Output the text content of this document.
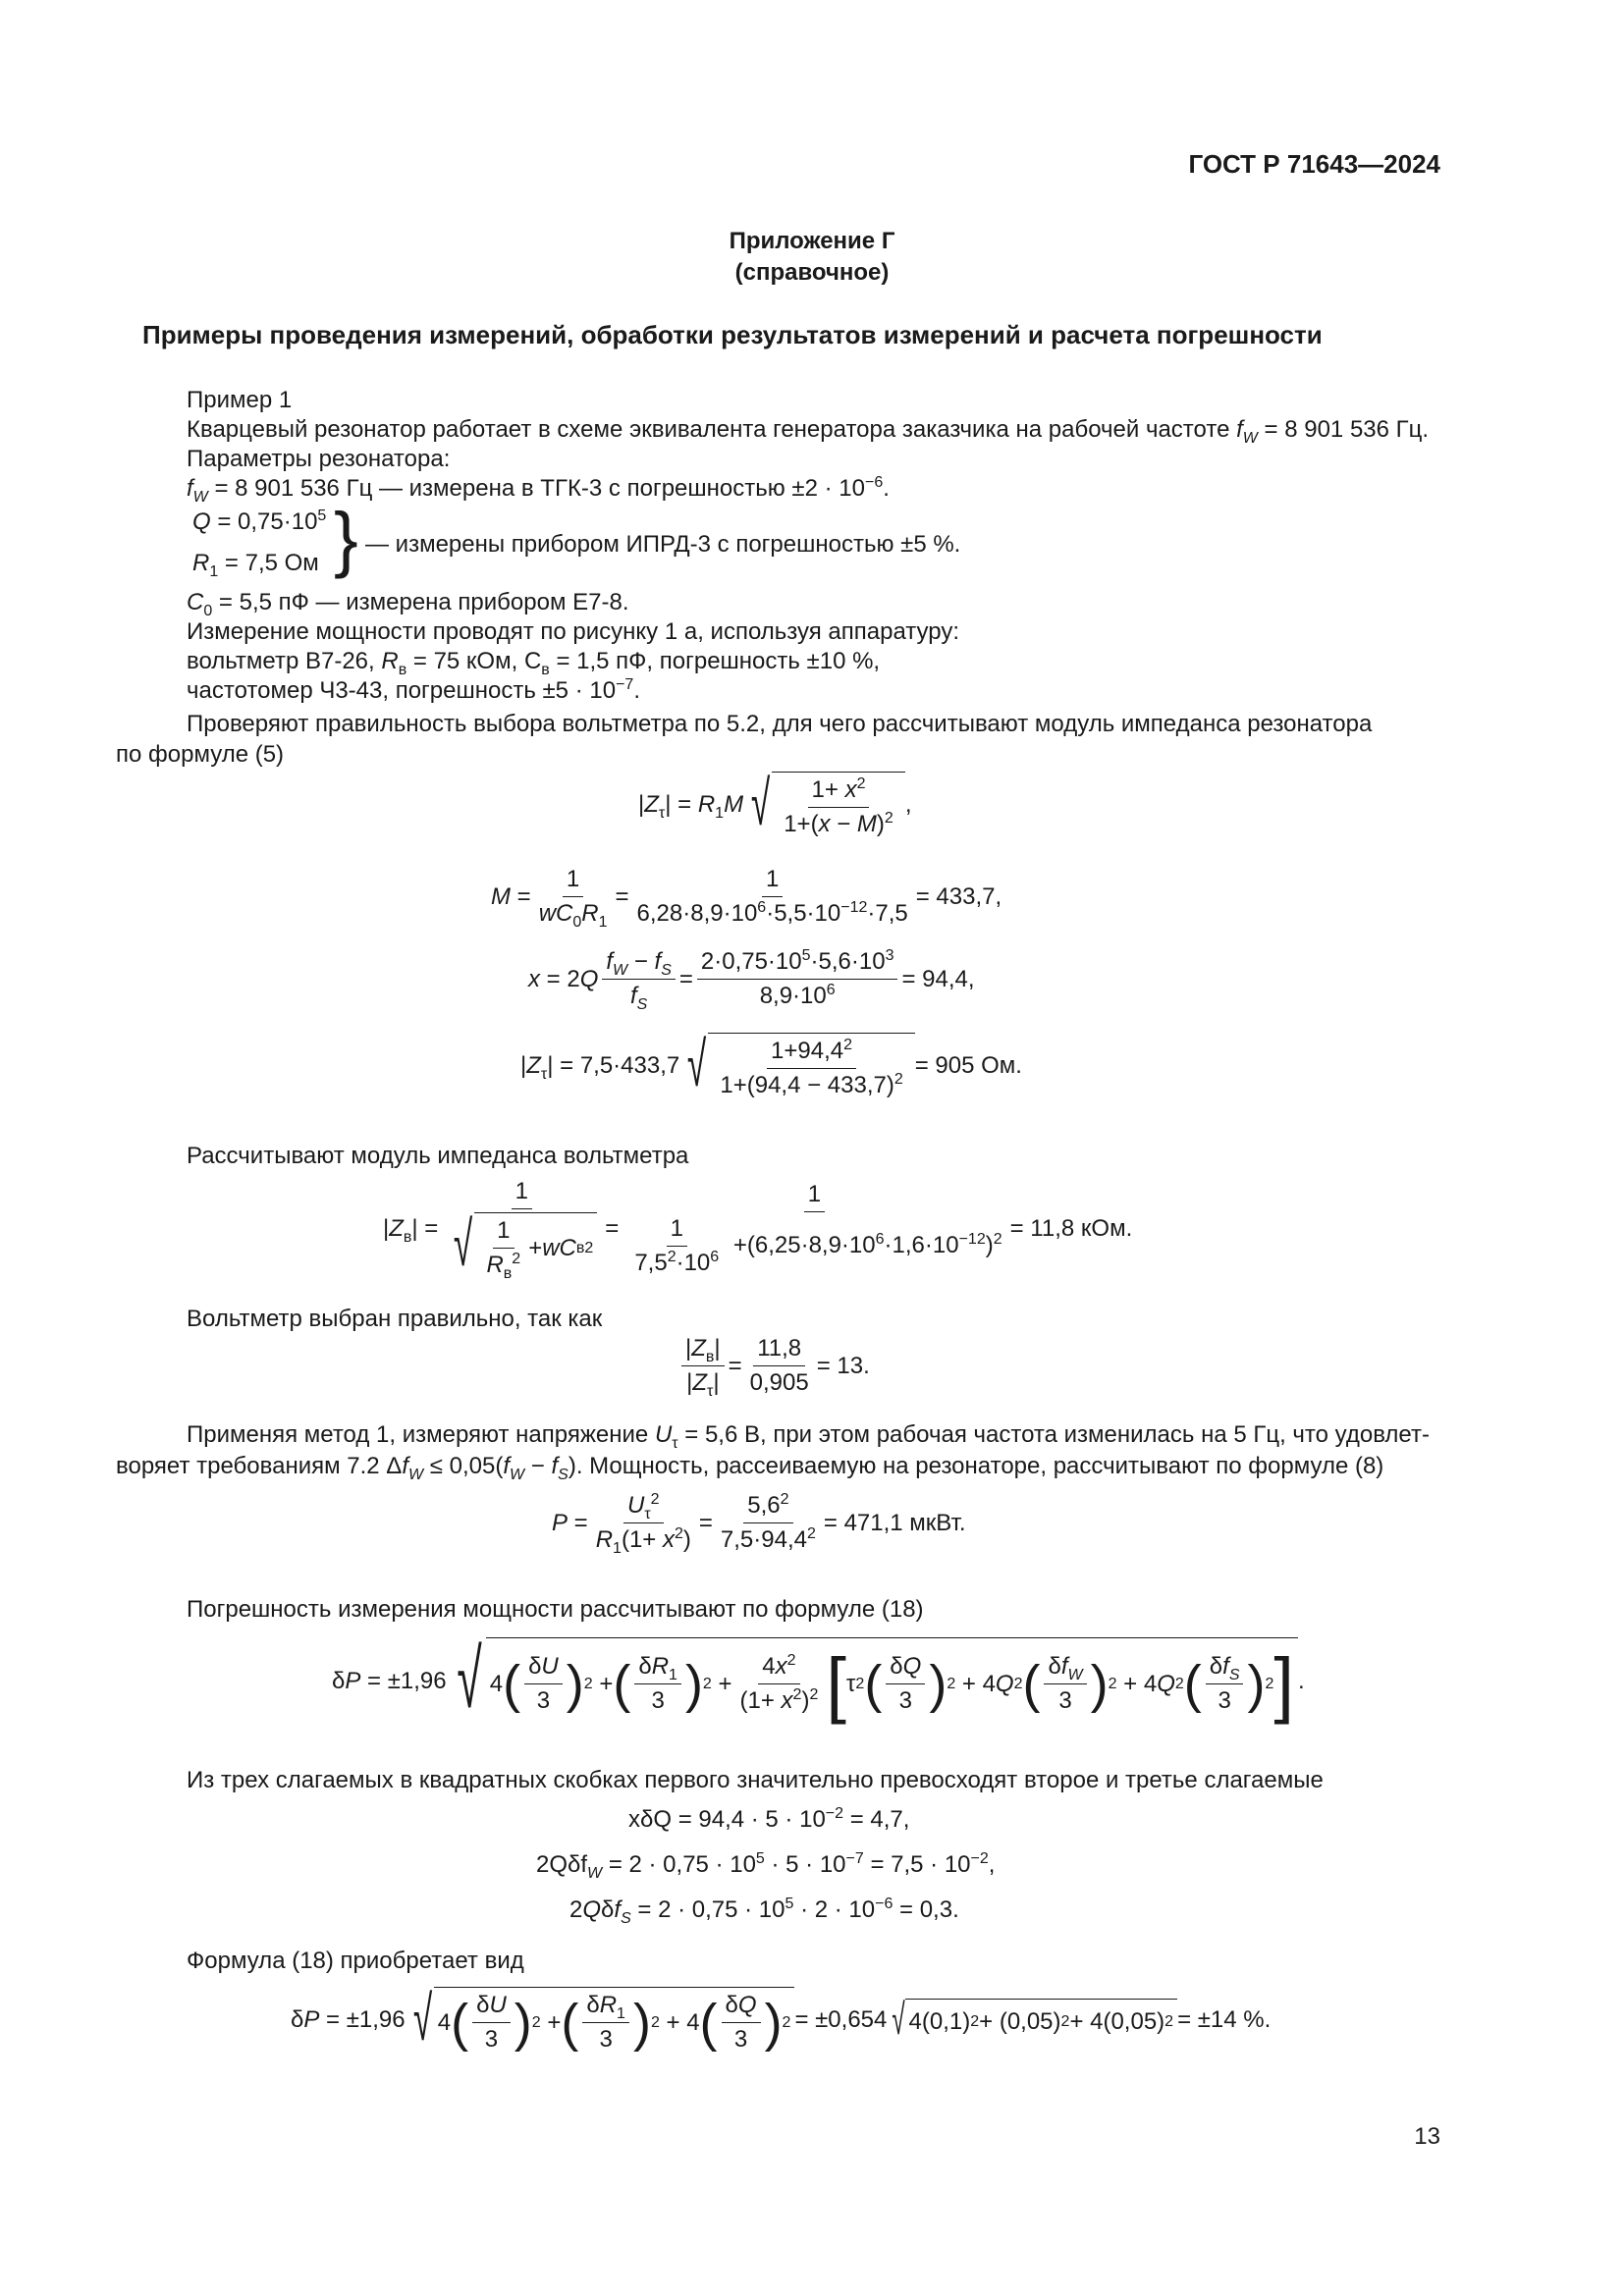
ГОСТ Р 71643—2024
Приложение Г
(справочное)
Примеры проведения измерений, обработки результатов измерений и расчета погрешности
Пример 1
Кварцевый резонатор работает в схеме эквивалента генератора заказчика на рабочей частоте $f_W = 8$ 901 536 Гц.
Параметры резонатора:
$f_W = 8$ 901 536 Гц — измерена в ТГК-3 с погрешностью $\pm 2 \cdot 10^{-6}$.
$Q = 0,75\cdot 10^5$
$R_1 = 7,5$ Ом } — измерены прибором ИПРД-3 с погрешностью ±5 %.
$C_0 = 5,5$ пФ — измерена прибором Е7-8.
Измерение мощности проводят по рисунку 1 а, используя аппаратуру:
вольтметр В7-26, $R_в = 75$ кОм, $С_в = 1,5$ пФ, погрешность ±10 %,
частотомер Ч3-43, погрешность $\pm 5 \cdot 10^{-7}$.
Проверяют правильность выбора вольтметра по 5.2, для чего рассчитывают модуль импеданса резонатора
по формуле (5)
$|Z_\tau| = R_1M$ √ $\frac{1+ x^2}{1+(x - M)^2}$ ,
$M = \frac{1}{wC_0R_1} = \frac{1}{6,28\cdot 8,9\cdot 10^6\cdot 5,5\cdot 10^{-12}\cdot 7,5} = 433,7$,
x = 2 Q $\frac{f_W - f_S}{f_S} = \frac{2\cdot 0,75\cdot 10^5\cdot 5,6\cdot 10^3}{8,9\cdot 10^6} = 94,4$,
$|Z_\tau| = 7,5\cdot 433,7$ √ $\frac{1+94,4^2}{1+(94,4 - 433,7)^2} = 905$ Ом.
Рассчитывают модуль импеданса вольтметра
$|Z_в| = \frac{1}{√ \frac{1}{R_в^2} + wC в 2} = \frac{1}{\frac{1}{7,5^2\cdot 10^6} +(6,25\cdot 8,9\cdot 10^6\cdot 1,6\cdot 10^{-12})^2} = 11,8$ кОм.
Вольтметр выбран правильно, так как
$\frac{|Z_в|}{|Z_\tau|} = \frac{11,8}{0,905} = 13$.
Применяя метод 1, измеряют напряжение $U_\tau = 5,6$ В, при этом рабочая частота изменилась на 5 Гц, что удовлет-
воряет требованиям 7.2 $\Delta f_W \le 0,05(f_W - f_S)$. Мощность, рассеиваемую на резонаторе, рассчитывают по формуле (8)
$P = \frac{U_\tau^2}{R_1(1+ x^2)} = \frac{5,6^2}{7,5\cdot 94,4^2} = 471,1$ мкВт.
Погрешность измерения мощности рассчитывают по формуле (18)
δP = ±1,96 √ 4 ( $\frac{\delta U}{3}$ ) 2 + ( $\frac{\delta R_1}{3}$ ) $2 + \frac{4x^2}{(1+ x^2)^2}$ [ τ 2 ( $\frac{\delta Q}{3}$ ) 2 + 4 Q 2 ( $\frac{\delta f_W}{3}$ ) 2 + 4 Q 2 ( $\frac{\delta f_S}{3}$ ) 2 ] .
Из трех слагаемых в квадратных скобках первого значительно превосходят второе и третье слагаемые
$x\delta Q = 94,4 \cdot 5 \cdot 10^{-2} = 4,7$,
$2Q\delta f_W = 2 \cdot 0,75 \cdot 10^5 \cdot 5 \cdot 10^{-7} = 7,5 \cdot 10^{-2}$,
$2Q\delta f_S = 2 \cdot 0,75 \cdot 10^5 \cdot 2 \cdot 10^{-6} = 0,3$.
Формула (18) приобретает вид
δP = ±1,96 √ 4 ( $\frac{\delta U}{3}$ ) 2 + ( $\frac{\delta R_1}{3}$ ) 2 + 4 ( $\frac{\delta Q}{3}$ ) 2 = ±0,654 √ 4(0,1) 2 + (0,05) 2 + 4(0,05) 2 = ±14 %.
13
